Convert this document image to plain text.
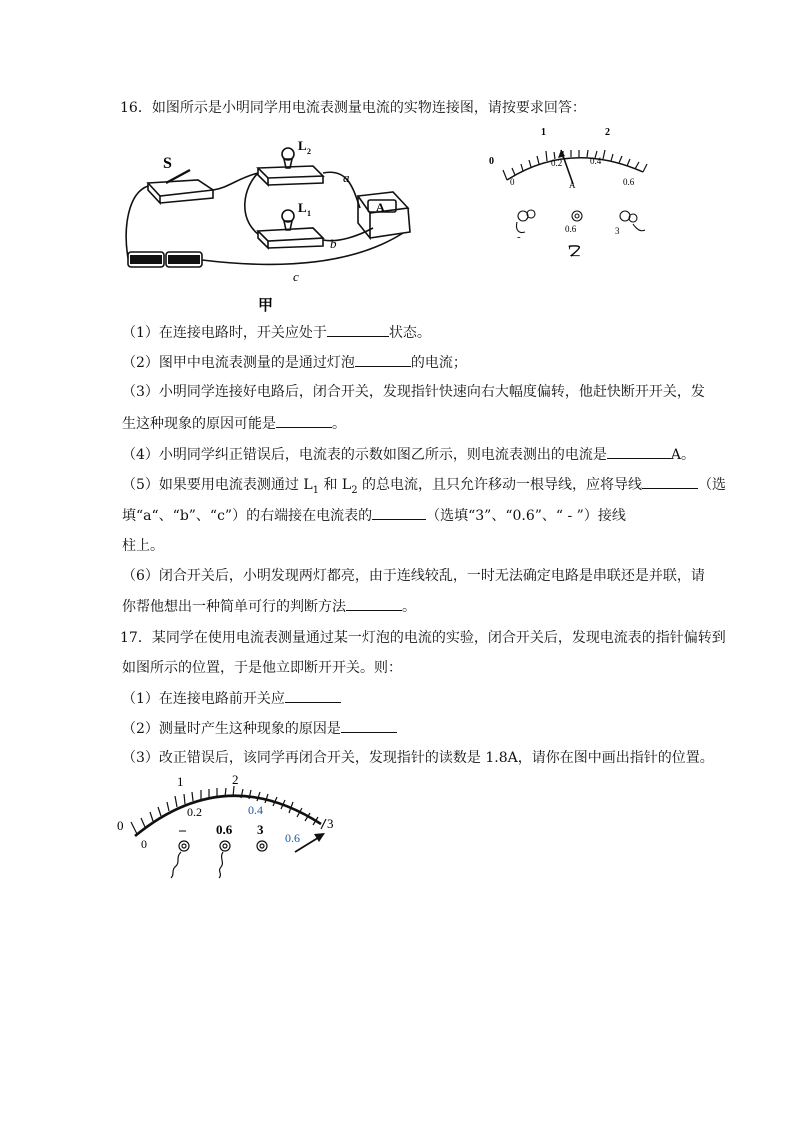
16．如图所示是小明同学用电流表测量电流的实物连接图，请按要求回答：
S
L 2
L 1	A
a
b
c
甲
0
1	2
0
0.2	0.4
0.6
A
-
0.6	3
乙
（1）在连接电路时，开关应处于	状态。
（2）图甲中电流表测量的是通过灯泡	的电流；
（3）小明同学连接好电路后，闭合开关，发现指针快速向右大幅度偏转，他赶快断开开关，发
生这种现象的原因可能是	。
（4）小明同学纠正错误后，电流表的示数如图乙所示，则电流表测出的电流是	A。
（5）如果要用电流表测通过 $L_1$ 和 $L_2$ 的总电流，且只允许移动一根导线，应将导线	（选
填“a“、“b”、“c”）的右端接在电流表的	（选填“3”、“0.6”、“ - ”）接线
柱上。
（6）闭合开关后，小明发现两灯都亮，由于连线较乱，一时无法确定电路是串联还是并联，请
你帮他想出一种简单可行的判断方法	。
17．某同学在使用电流表测量通过某一灯泡的电流的实验，闭合开关后，发现电流表的指针偏转到
如图所示的位置，于是他立即断开开关。则：
（1）在连接电路前开关应
（2）测量时产生这种现象的原因是
（3）改正错误后，该同学再闭合开关，发现指针的读数是 1.8A，请你在图中画出指针的位置。
0
1	2
3
0
0.2	0.4
0.6
– 0.6 3
